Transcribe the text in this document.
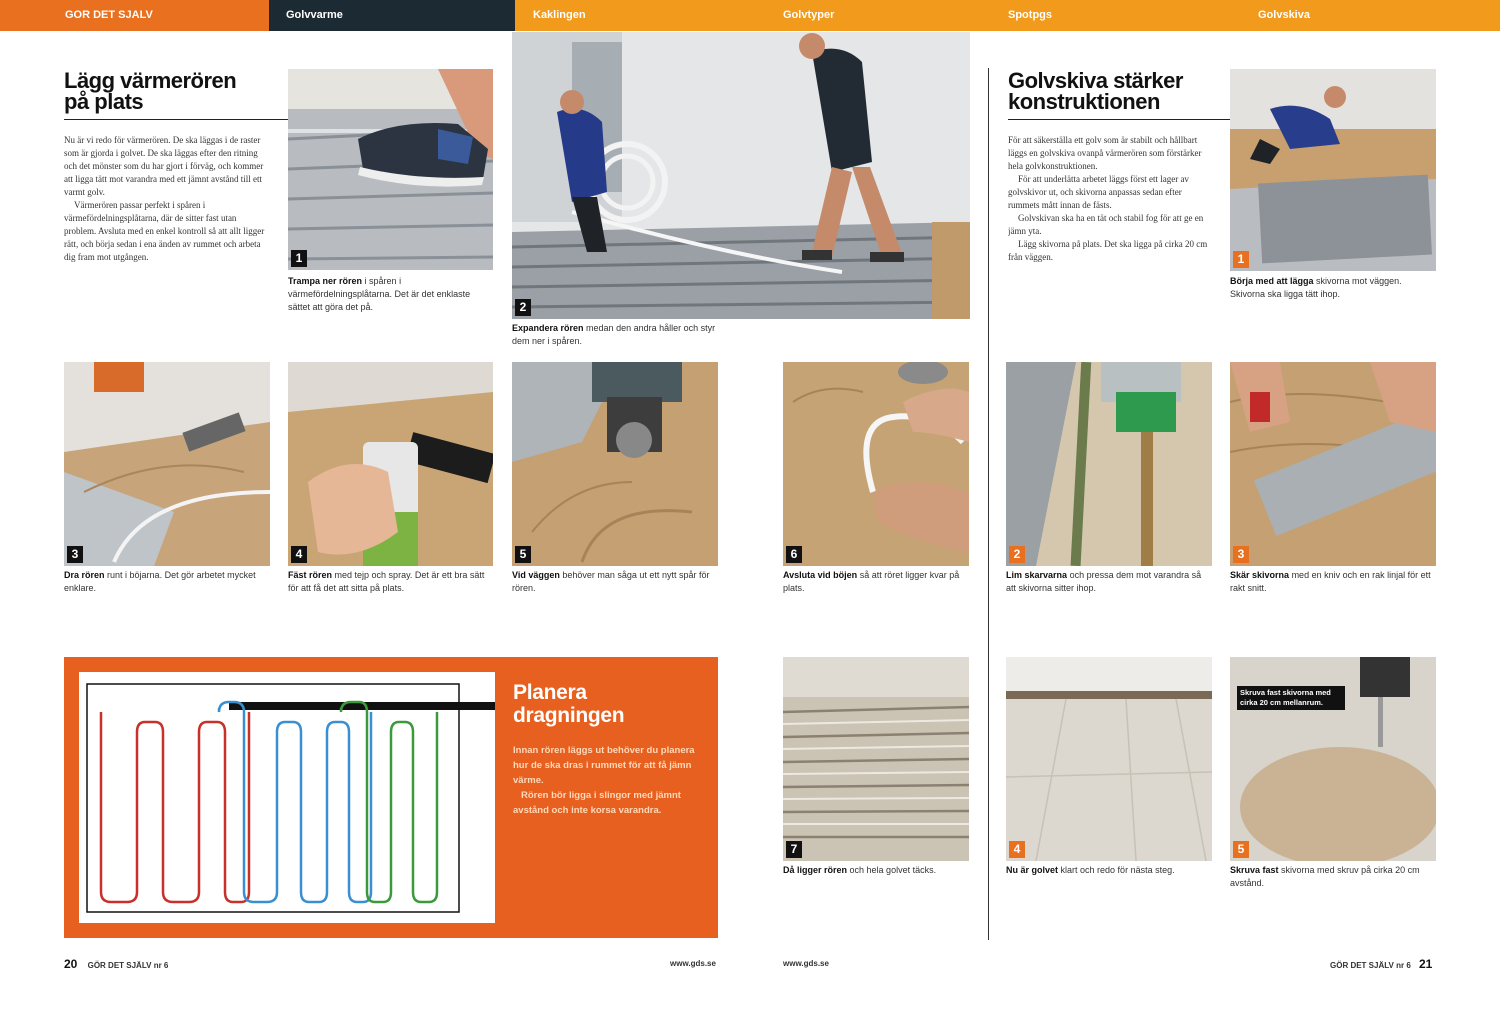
GOR DET SJALV	Golvvarme	Kaklingen	Golvtyper	Spotpgs	Golvskiva
Lägg värmerören
på plats

Nu är vi redo för värmerören. De ska läggas i de raster som är gjorda i golvet. De ska läggas efter den ritning och det mönster som du har gjort i förväg, och kommer att ligga tätt mot varandra med ett jämnt avstånd till ett varmt golv.

Värmerören passar perfekt i spåren i värmefördelningsplåtarna, där de sitter fast utan problem. Avsluta med en enkel kontroll så att allt ligger rätt, och börja sedan i ena änden av rummet och arbeta dig fram mot utgången.	1
Trampa ner rören i spåren i värmefördelningsplåtarna. Det är det enklaste sättet att göra det på.	2
Expandera rören medan den andra håller och styr dem ner i spåren.
3
Dra rören runt i böjarna. Det gör arbetet mycket enklare.
4
Fäst rören med tejp och spray. Det är ett bra sätt för att få det att sitta på plats.
5
Vid väggen behöver man såga ut ett nytt spår för rören.
6
Avsluta vid böjen så att röret ligger kvar på plats.
7
Då ligger rören och hela golvet täcks.
Planera
dragningen

Innan rören läggs ut behöver du planera hur de ska dras i rummet för att få jämn värme.

Rören bör ligga i slingor med jämnt avstånd och inte korsa varandra.

Golvskiva stärker
konstruktionen

För att säkerställa ett golv som är stabilt och hållbart läggs en golvskiva ovanpå värmerören som förstärker hela golvkonstruktionen.

För att underlätta arbetet läggs först ett lager av golvskivor ut, och skivorna anpassas sedan efter rummets mått innan de fästs.

Golvskivan ska ha en tät och stabil fog för att ge en jämn yta.

Lägg skivorna på plats. Det ska ligga på cirka 20 cm från väggen.	1
Börja med att lägga skivorna mot väggen. Skivorna ska ligga tätt ihop.
2
Lim skarvarna och pressa dem mot varandra så att skivorna sitter ihop.
3
Skär skivorna med en kniv och en rak linjal för ett rakt snitt.
4
Nu är golvet klart och redo för nästa steg.
5
Skruva fast skivorna med cirka 20 cm mellanrum.
Skruva fast skivorna med skruv på cirka 20 cm avstånd.
20 GÖR DET SJÄLV nr 6	www.gds.se	www.gds.se	GÖR DET SJÄLV nr 6 21
